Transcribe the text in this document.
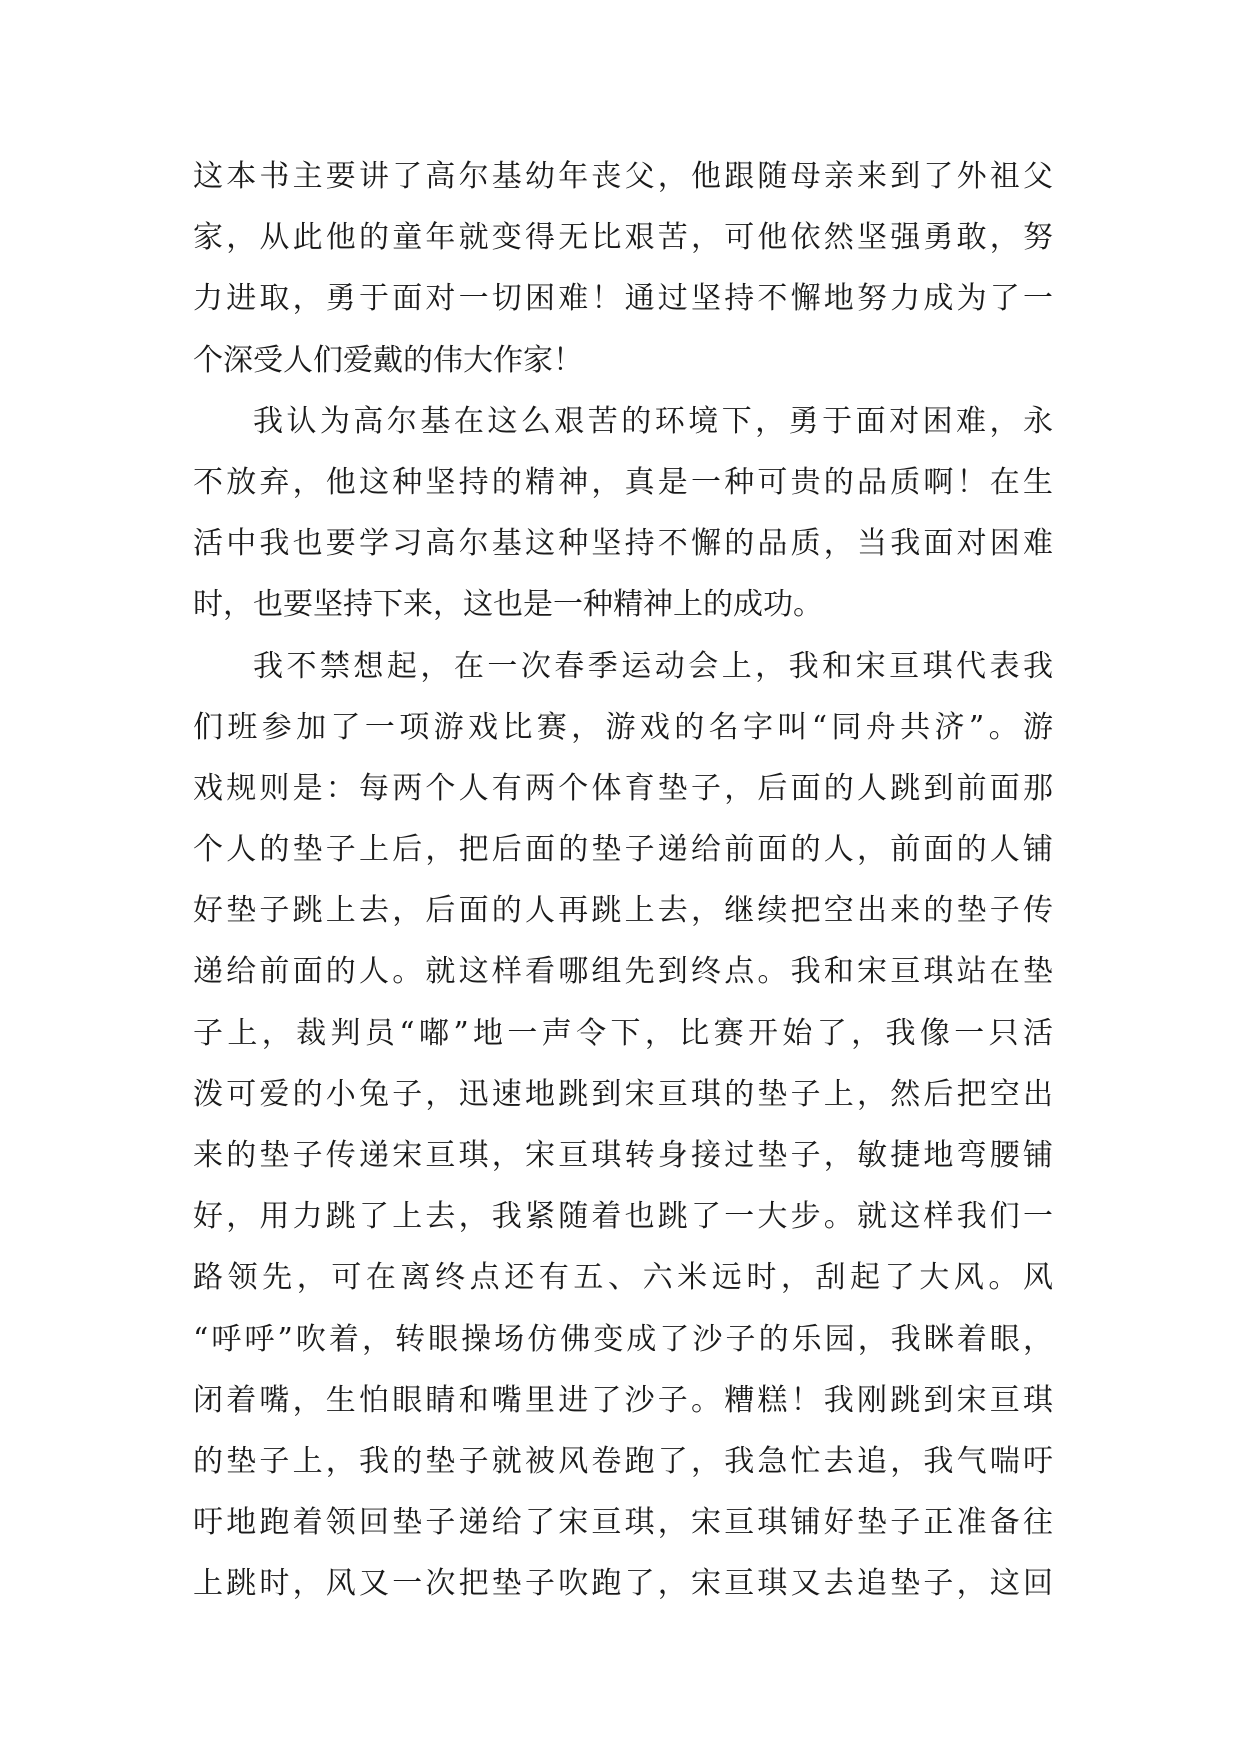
这本书主要讲了高尔基幼年丧父，他跟随母亲来到了外祖父
家，从此他的童年就变得无比艰苦，可他依然坚强勇敢，努
力进取，勇于面对一切困难！通过坚持不懈地努力成为了一
个深受人们爱戴的伟大作家！
我认为高尔基在这么艰苦的环境下，勇于面对困难，永
不放弃，他这种坚持的精神，真是一种可贵的品质啊！在生
活中我也要学习高尔基这种坚持不懈的品质，当我面对困难
时，也要坚持下来，这也是一种精神上的成功。
我不禁想起，在一次春季运动会上，我和宋亘琪代表我
们班参加了一项游戏比赛，游戏的名字叫“同舟共济”。游
戏规则是：每两个人有两个体育垫子，后面的人跳到前面那
个人的垫子上后，把后面的垫子递给前面的人，前面的人铺
好垫子跳上去，后面的人再跳上去，继续把空出来的垫子传
递给前面的人。就这样看哪组先到终点。我和宋亘琪站在垫
子上，裁判员“嘟”地一声令下，比赛开始了，我像一只活
泼可爱的小兔子，迅速地跳到宋亘琪的垫子上，然后把空出
来的垫子传递宋亘琪，宋亘琪转身接过垫子，敏捷地弯腰铺
好，用力跳了上去，我紧随着也跳了一大步。就这样我们一
路领先，可在离终点还有五、六米远时，刮起了大风。风
“呼呼”吹着，转眼操场仿佛变成了沙子的乐园，我眯着眼，
闭着嘴，生怕眼睛和嘴里进了沙子。糟糕！我刚跳到宋亘琪
的垫子上，我的垫子就被风卷跑了，我急忙去追，我气喘吁
吁地跑着领回垫子递给了宋亘琪，宋亘琪铺好垫子正准备往
上跳时，风又一次把垫子吹跑了，宋亘琪又去追垫子，这回
